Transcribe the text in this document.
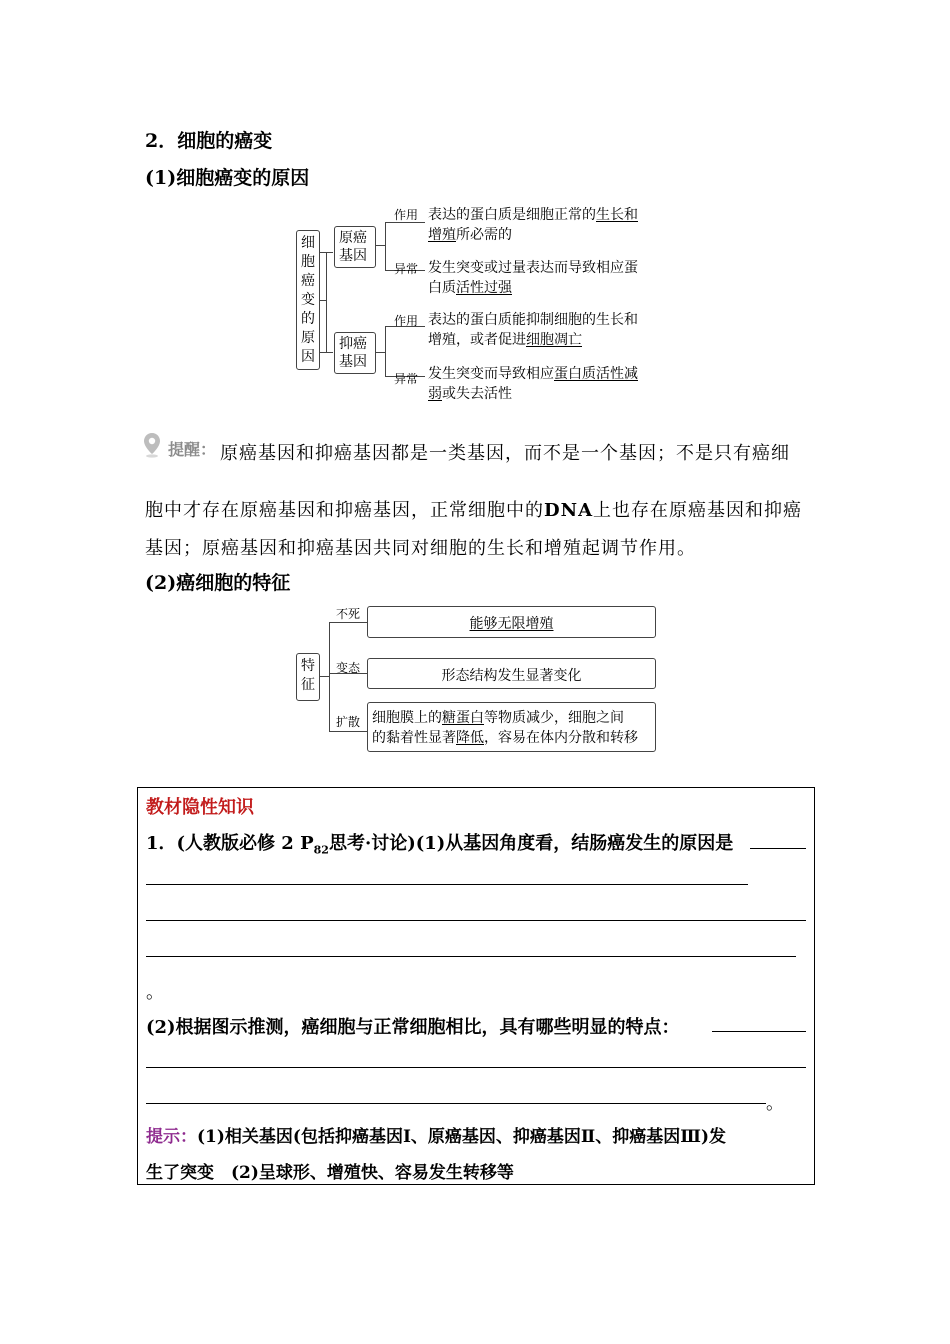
2．细胞的癌变
(1)细胞癌变的原因
细
胞
癌
变
的
原
因
原癌
基因
作用 表达的蛋白质是细胞正常的生长和
增殖所必需的
异常 发生突变或过量表达而导致相应蛋
白质活性过强
抑癌
基因
作用 表达的蛋白质能抑制细胞的生长和
增殖，或者促进细胞凋亡
异常 发生突变而导致相应蛋白质活性减
弱或失去活性
提醒： 原癌基因和抑癌基因都是一类基因，而不是一个基因；不是只有癌细
胞中才存在原癌基因和抑癌基因，正常细胞中的DNA上也存在原癌基因和抑癌
基因；原癌基因和抑癌基因共同对细胞的生长和增殖起调节作用。
(2)癌细胞的特征
特
征
不死
能够无限增殖
变态	形态结构发生显著变化
扩散 细胞膜上的糖蛋白等物质减少，细胞之间
的黏着性显著降低，容易在体内分散和转移
教材隐性知识
1．(人教版必修 2 $P_{82}$思考·讨论)(1)从基因角度看，结肠癌发生的原因是
。
(2)根据图示推测，癌细胞与正常细胞相比，具有哪些明显的特点：
。
提示：(1)相关基因(包括抑癌基因Ⅰ、原癌基因、抑癌基因Ⅱ、抑癌基因Ⅲ)发
生了突变　(2)呈球形、增殖快、容易发生转移等
